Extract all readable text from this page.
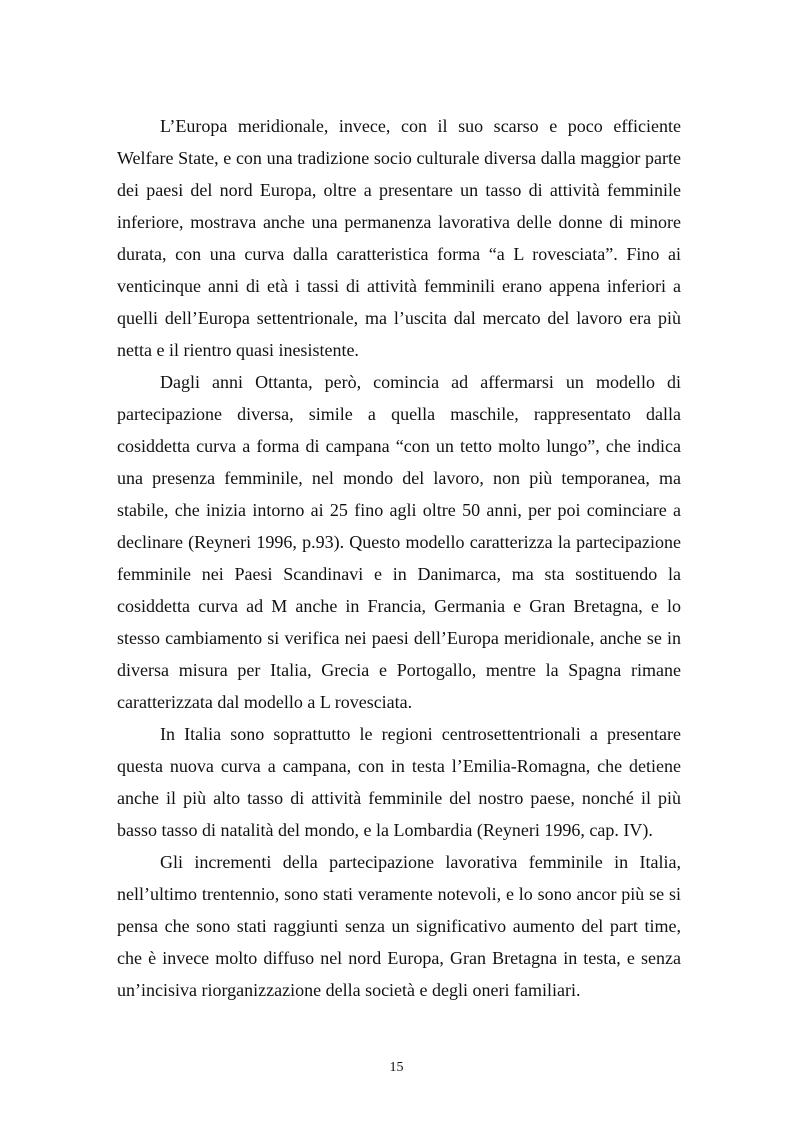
L’Europa meridionale, invece, con il suo scarso e poco efficiente Welfare State, e con una tradizione socio culturale diversa dalla maggior parte dei paesi del nord Europa, oltre a presentare un tasso di attività femminile inferiore, mostrava anche una permanenza lavorativa delle donne di minore durata, con una curva dalla caratteristica forma “a L rovesciata”. Fino ai venticinque anni di età i tassi di attività femminili erano appena inferiori a quelli dell’Europa settentrionale, ma l’uscita dal mercato del lavoro era più netta e il rientro quasi inesistente.

Dagli anni Ottanta, però, comincia ad affermarsi un modello di partecipazione diversa, simile a quella maschile, rappresentato dalla cosiddetta curva a forma di campana “con un tetto molto lungo”, che indica una presenza femminile, nel mondo del lavoro, non più temporanea, ma stabile, che inizia intorno ai 25 fino agli oltre 50 anni, per poi cominciare a declinare (Reyneri 1996, p.93). Questo modello caratterizza la partecipazione femminile nei Paesi Scandinavi e in Danimarca, ma sta sostituendo la cosiddetta curva ad M anche in Francia, Germania e Gran Bretagna, e lo stesso cambiamento si verifica nei paesi dell’Europa meridionale, anche se in diversa misura per Italia, Grecia e Portogallo, mentre la Spagna rimane caratterizzata dal modello a L rovesciata.

In Italia sono soprattutto le regioni centrosettentrionali a presentare questa nuova curva a campana, con in testa l’Emilia-Romagna, che detiene anche il più alto tasso di attività femminile del nostro paese, nonché il più basso tasso di natalità del mondo, e la Lombardia (Reyneri 1996, cap. IV).

Gli incrementi della partecipazione lavorativa femminile in Italia, nell’ultimo trentennio, sono stati veramente notevoli, e lo sono ancor più se si pensa che sono stati raggiunti senza un significativo aumento del part time, che è invece molto diffuso nel nord Europa, Gran Bretagna in testa, e senza un’incisiva riorganizzazione della società e degli oneri familiari.

15
